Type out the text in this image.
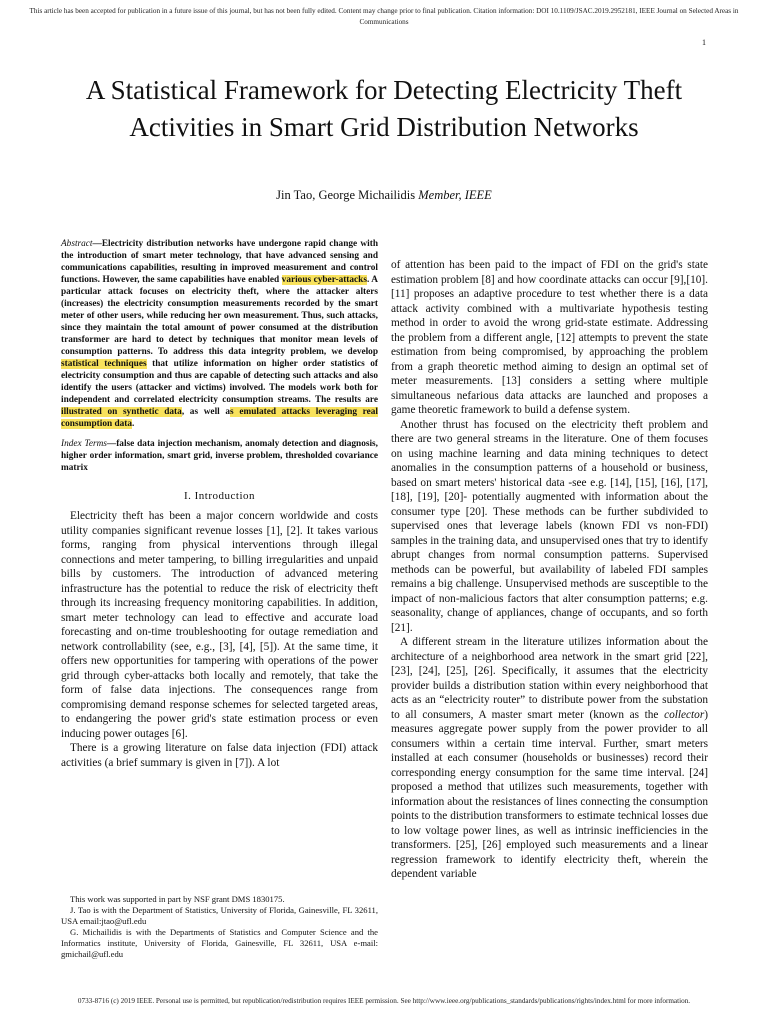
This article has been accepted for publication in a future issue of this journal, but has not been fully edited. Content may change prior to final publication. Citation information: DOI 10.1109/JSAC.2019.2952181, IEEE Journal on Selected Areas in Communications
1
A Statistical Framework for Detecting Electricity Theft Activities in Smart Grid Distribution Networks
Jin Tao, George Michailidis Member, IEEE

Abstract—Electricity distribution networks have undergone rapid change with the introduction of smart meter technology, that have advanced sensing and communications capabilities, resulting in improved measurement and control functions. However, the same capabilities have enabled various cyber-attacks. A particular attack focuses on electricity theft, where the attacker alters (increases) the electricity consumption measurements recorded by the smart meter of other users, while reducing her own measurement. Thus, such attacks, since they maintain the total amount of power consumed at the distribution transformer are hard to detect by techniques that monitor mean levels of consumption patterns. To address this data integrity problem, we develop statistical techniques that utilize information on higher order statistics of electricity consumption and thus are capable of detecting such attacks and also identify the users (attacker and victims) involved. The models work both for independent and correlated electricity consumption streams. The results are illustrated on synthetic data, as well as emulated attacks leveraging real consumption data.

Index Terms—false data injection mechanism, anomaly detection and diagnosis, higher order information, smart grid, inverse problem, thresholded covariance matrix

I. Introduction

Electricity theft has been a major concern worldwide and costs utility companies significant revenue losses [1], [2]. It takes various forms, ranging from physical interventions through illegal connections and meter tampering, to billing irregularities and unpaid bills by customers. The introduction of advanced metering infrastructure has the potential to reduce the risk of electricity theft through its increasing frequency monitoring capabilities. In addition, smart meter technology can lead to effective and accurate load forecasting and on-time troubleshooting for outage remediation and network controllability (see, e.g., [3], [4], [5]). At the same time, it offers new opportunities for tampering with operations of the power grid through cyber-attacks both locally and remotely, that take the form of false data injections. The consequences range from compromising demand response schemes for selected targeted areas, to endangering the power grid's state estimation process or even inducing power outages [6].

There is a growing literature on false data injection (FDI) attack activities (a brief summary is given in [7]). A lot

This work was supported in part by NSF grant DMS 1830175.

J. Tao is with the Department of Statistics, University of Florida, Gainesville, FL 32611, USA email:jtao@ufl.edu

G. Michailidis is with the Departments of Statistics and Computer Science and the Informatics institute, University of Florida, Gainesville, FL 32611, USA e-mail: gmichail@ufl.edu

of attention has been paid to the impact of FDI on the grid's state estimation problem [8] and how coordinate attacks can occur [9],[10]. [11] proposes an adaptive procedure to test whether there is a data attack activity combined with a multivariate hypothesis testing method in order to avoid the wrong grid-state estimate. Addressing the problem from a different angle, [12] attempts to prevent the state estimation from being compromised, by approaching the problem from a graph theoretic method aiming to design an optimal set of meter measurements. [13] considers a setting where multiple simultaneous nefarious data attacks are launched and proposes a game theoretic framework to build a defense system.

Another thrust has focused on the electricity theft problem and there are two general streams in the literature. One of them focuses on using machine learning and data mining techniques to detect anomalies in the consumption patterns of a household or business, based on smart meters' historical data -see e.g. [14], [15], [16], [17], [18], [19], [20]- potentially augmented with information about the consumer type [20]. These methods can be further subdivided to supervised ones that leverage labels (known FDI vs non-FDI) samples in the training data, and unsupervised ones that try to identify abrupt changes from normal consumption patterns. Supervised methods can be powerful, but availability of labeled FDI samples remains a big challenge. Unsupervised methods are susceptible to the impact of non-malicious factors that alter consumption patterns; e.g. seasonality, change of appliances, change of occupants, and so forth [21].

A different stream in the literature utilizes information about the architecture of a neighborhood area network in the smart grid [22], [23], [24], [25], [26]. Specifically, it assumes that the electricity provider builds a distribution station within every neighborhood that acts as an “electricity router” to distribute power from the substation to all consumers, A master smart meter (known as the collector) measures aggregate power supply from the power provider to all consumers within a certain time interval. Further, smart meters installed at each consumer (households or businesses) record their corresponding energy consumption for the same time interval. [24] proposed a method that utilizes such measurements, together with information about the resistances of lines connecting the consumption points to the distribution transformers to estimate technical losses due to low voltage power lines, as well as intrinsic inefficiencies in the transformers. [25], [26] employed such measurements and a linear regression framework to identify electricity theft, wherein the dependent variable

0733-8716 (c) 2019 IEEE. Personal use is permitted, but republication/redistribution requires IEEE permission. See http://www.ieee.org/publications_standards/publications/rights/index.html for more information.
